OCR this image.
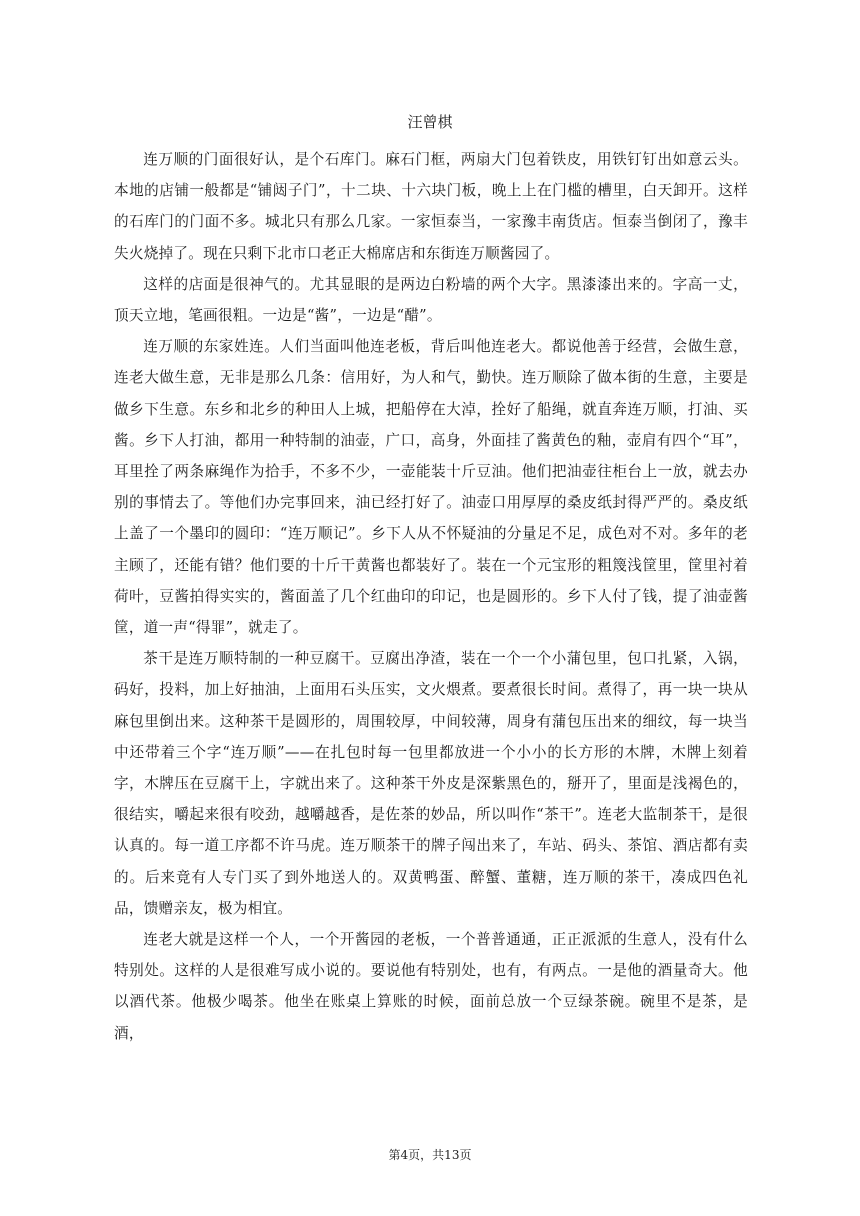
汪曾棋

连万顺的门面很好认，是个石库门。麻石门框，两扇大门包着铁皮，用铁钉钉出如意云头。本地的店铺一般都是“铺闼子门”，十二块、十六块门板，晚上上在门槛的槽里，白天卸开。这样的石库门的门面不多。城北只有那么几家。一家恒泰当，一家豫丰南货店。恒泰当倒闭了，豫丰失火烧掉了。现在只剩下北市口老正大棉席店和东街连万顺酱园了。

这样的店面是很神气的。尤其显眼的是两边白粉墙的两个大字。黑漆漆出来的。字高一丈，顶天立地，笔画很粗。一边是“酱”，一边是“醋”。

连万顺的东家姓连。人们当面叫他连老板，背后叫他连老大。都说他善于经营，会做生意，连老大做生意，无非是那么几条：信用好，为人和气，勤快。连万顺除了做本街的生意，主要是做乡下生意。东乡和北乡的种田人上城，把船停在大淖，拴好了船绳，就直奔连万顺，打油、买酱。乡下人打油，都用一种特制的油壶，广口，高身，外面挂了酱黄色的釉，壶肩有四个“耳”，耳里拴了两条麻绳作为拾手，不多不少，一壶能装十斤豆油。他们把油壶往柜台上一放，就去办别的事情去了。等他们办完事回来，油已经打好了。油壶口用厚厚的桑皮纸封得严严的。桑皮纸上盖了一个墨印的圆印：“连万顺记”。乡下人从不怀疑油的分量足不足，成色对不对。多年的老主顾了，还能有错？他们要的十斤干黄酱也都装好了。装在一个元宝形的粗篾浅筐里，筐里衬着荷叶，豆酱拍得实实的，酱面盖了几个红曲印的印记，也是圆形的。乡下人付了钱，提了油壶酱筐，道一声“得罪”，就走了。

茶干是连万顺特制的一种豆腐干。豆腐出净渣，装在一个一个小蒲包里，包口扎紧，入锅，码好，投料，加上好抽油，上面用石头压实，文火煨煮。要煮很长时间。煮得了，再一块一块从麻包里倒出来。这种茶干是圆形的，周围较厚，中间较薄，周身有蒲包压出来的细纹，每一块当中还带着三个字“连万顺”——在扎包时每一包里都放进一个小小的长方形的木牌，木牌上刻着字，木牌压在豆腐干上，字就出来了。这种茶干外皮是深紫黑色的，掰开了，里面是浅褐色的，很结实，嚼起来很有咬劲，越嚼越香，是佐茶的妙品，所以叫作“茶干”。连老大监制茶干，是很认真的。每一道工序都不许马虎。连万顺茶干的牌子闯出来了，车站、码头、茶馆、酒店都有卖的。后来竟有人专门买了到外地送人的。双黄鸭蛋、醉蟹、董糖，连万顺的茶干，凑成四色礼品，馈赠亲友，极为相宜。

连老大就是这样一个人，一个开酱园的老板，一个普普通通，正正派派的生意人，没有什么特别处。这样的人是很难写成小说的。要说他有特别处，也有，有两点。一是他的酒量奇大。他以酒代茶。他极少喝茶。他坐在账桌上算账的时候，面前总放一个豆绿茶碗。碗里不是茶，是酒，

第4页，共13页
